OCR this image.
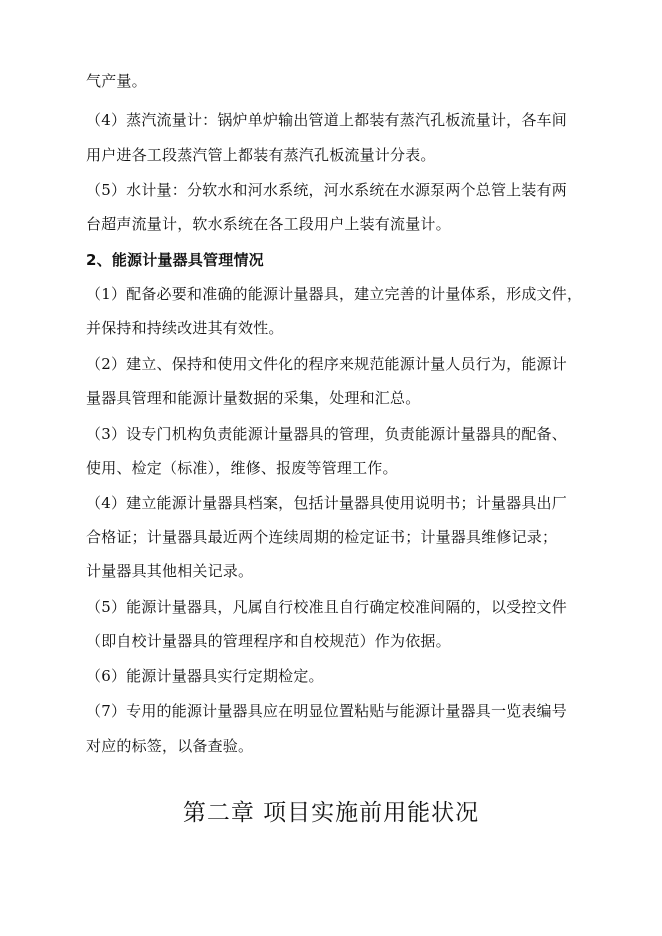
气产量。
（4）蒸汽流量计：锅炉单炉输出管道上都装有蒸汽孔板流量计，各车间
用户进各工段蒸汽管上都装有蒸汽孔板流量计分表。
（5）水计量：分软水和河水系统，河水系统在水源泵两个总管上装有两
台超声流量计，软水系统在各工段用户上装有流量计。
2、能源计量器具管理情况
（1）配备必要和准确的能源计量器具，建立完善的计量体系，形成文件，
并保持和持续改进其有效性。
（2）建立、保持和使用文件化的程序来规范能源计量人员行为，能源计
量器具管理和能源计量数据的采集，处理和汇总。
（3）设专门机构负责能源计量器具的管理，负责能源计量器具的配备、
使用、检定（标准），维修、报废等管理工作。
（4）建立能源计量器具档案，包括计量器具使用说明书；计量器具出厂
合格证；计量器具最近两个连续周期的检定证书；计量器具维修记录；
计量器具其他相关记录。
（5）能源计量器具，凡属自行校准且自行确定校准间隔的，以受控文件
（即自校计量器具的管理程序和自校规范）作为依据。
（6）能源计量器具实行定期检定。
（7）专用的能源计量器具应在明显位置粘贴与能源计量器具一览表编号
对应的标签，以备查验。
第二章 项目实施前用能状况
